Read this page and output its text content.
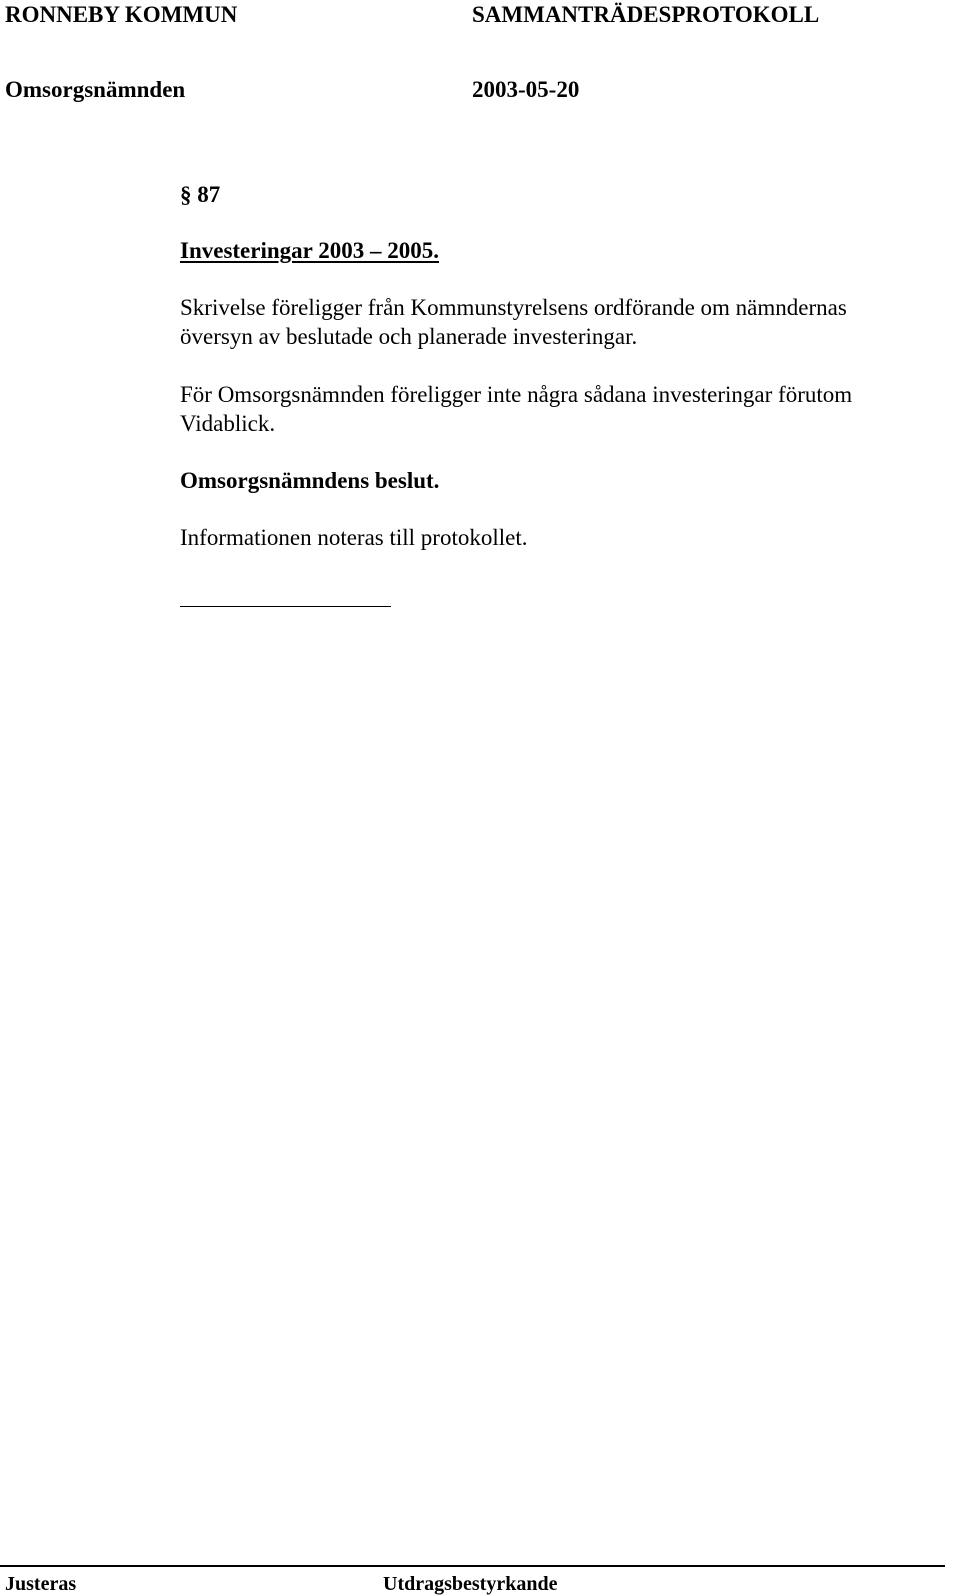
RONNEBY KOMMUN	SAMMANTRÄDESPROTOKOLL
Omsorgsnämnden	2003-05-20
§ 87
Investeringar 2003 – 2005.
Skrivelse föreligger från Kommunstyrelsens ordförande om nämndernas översyn av beslutade och planerade investeringar.
För Omsorgsnämnden föreligger inte några sådana investeringar förutom Vidablick.
Omsorgsnämndens beslut.
Informationen noteras till protokollet.
Justeras	Utdragsbestyrkande
